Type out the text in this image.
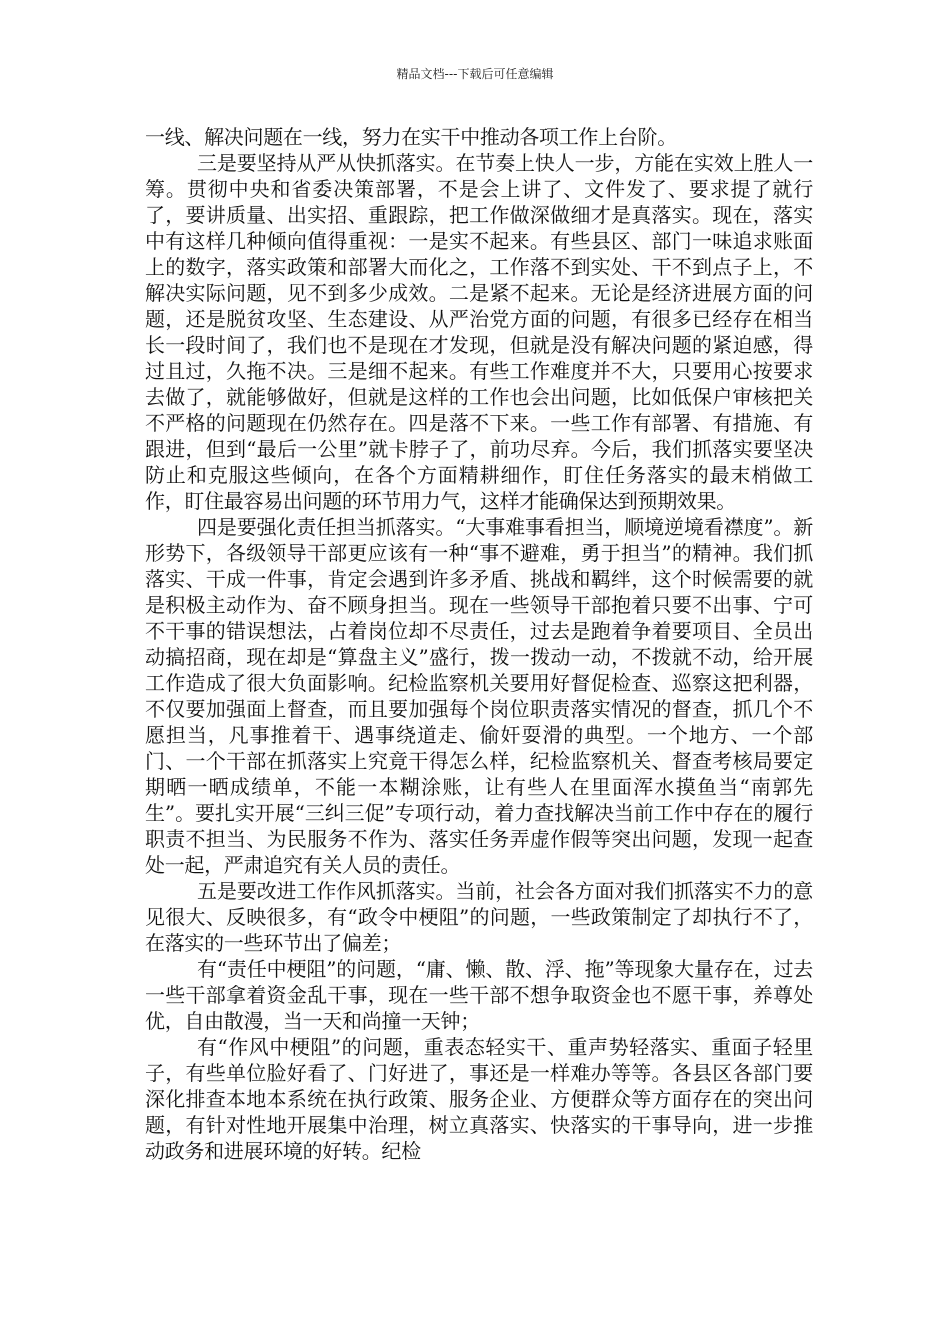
精品文档---下载后可任意编辑

一线、解决问题在一线，努力在实干中推动各项工作上台阶。

三是要坚持从严从快抓落实。在节奏上快人一步，方能在实效上胜人一筹。贯彻中央和省委决策部署，不是会上讲了、文件发了、要求提了就行了，要讲质量、出实招、重跟踪，把工作做深做细才是真落实。现在，落实中有这样几种倾向值得重视：一是实不起来。有些县区、部门一味追求账面上的数字，落实政策和部署大而化之，工作落不到实处、干不到点子上，不解决实际问题，见不到多少成效。二是紧不起来。无论是经济进展方面的问题，还是脱贫攻坚、生态建设、从严治党方面的问题，有很多已经存在相当长一段时间了，我们也不是现在才发现，但就是没有解决问题的紧迫感，得过且过，久拖不决。三是细不起来。有些工作难度并不大，只要用心按要求去做了，就能够做好，但就是这样的工作也会出问题，比如低保户审核把关不严格的问题现在仍然存在。四是落不下来。一些工作有部署、有措施、有跟进，但到“最后一公里”就卡脖子了，前功尽弃。今后，我们抓落实要坚决防止和克服这些倾向，在各个方面精耕细作，盯住任务落实的最末梢做工作，盯住最容易出问题的环节用力气，这样才能确保达到预期效果。

四是要强化责任担当抓落实。“大事难事看担当，顺境逆境看襟度”。新形势下，各级领导干部更应该有一种“事不避难，勇于担当”的精神。我们抓落实、干成一件事，肯定会遇到许多矛盾、挑战和羁绊，这个时候需要的就是积极主动作为、奋不顾身担当。现在一些领导干部抱着只要不出事、宁可不干事的错误想法，占着岗位却不尽责任，过去是跑着争着要项目、全员出动搞招商，现在却是“算盘主义”盛行，拨一拨动一动，不拨就不动，给开展工作造成了很大负面影响。纪检监察机关要用好督促检查、巡察这把利器，不仅要加强面上督查，而且要加强每个岗位职责落实情况的督查，抓几个不愿担当，凡事推着干、遇事绕道走、偷奸耍滑的典型。一个地方、一个部门、一个干部在抓落实上究竟干得怎么样，纪检监察机关、督查考核局要定期晒一晒成绩单，不能一本糊涂账，让有些人在里面浑水摸鱼当“南郭先生”。要扎实开展“三纠三促”专项行动，着力查找解决当前工作中存在的履行职责不担当、为民服务不作为、落实任务弄虚作假等突出问题，发现一起查处一起，严肃追究有关人员的责任。

五是要改进工作作风抓落实。当前，社会各方面对我们抓落实不力的意见很大、反映很多，有“政令中梗阻”的问题，一些政策制定了却执行不了，在落实的一些环节出了偏差；

有“责任中梗阻”的问题，“庸、懒、散、浮、拖”等现象大量存在，过去一些干部拿着资金乱干事，现在一些干部不想争取资金也不愿干事，养尊处优，自由散漫，当一天和尚撞一天钟；

有“作风中梗阻”的问题，重表态轻实干、重声势轻落实、重面子轻里子，有些单位脸好看了、门好进了，事还是一样难办等等。各县区各部门要深化排查本地本系统在执行政策、服务企业、方便群众等方面存在的突出问题，有针对性地开展集中治理，树立真落实、快落实的干事导向，进一步推动政务和进展环境的好转。纪检
